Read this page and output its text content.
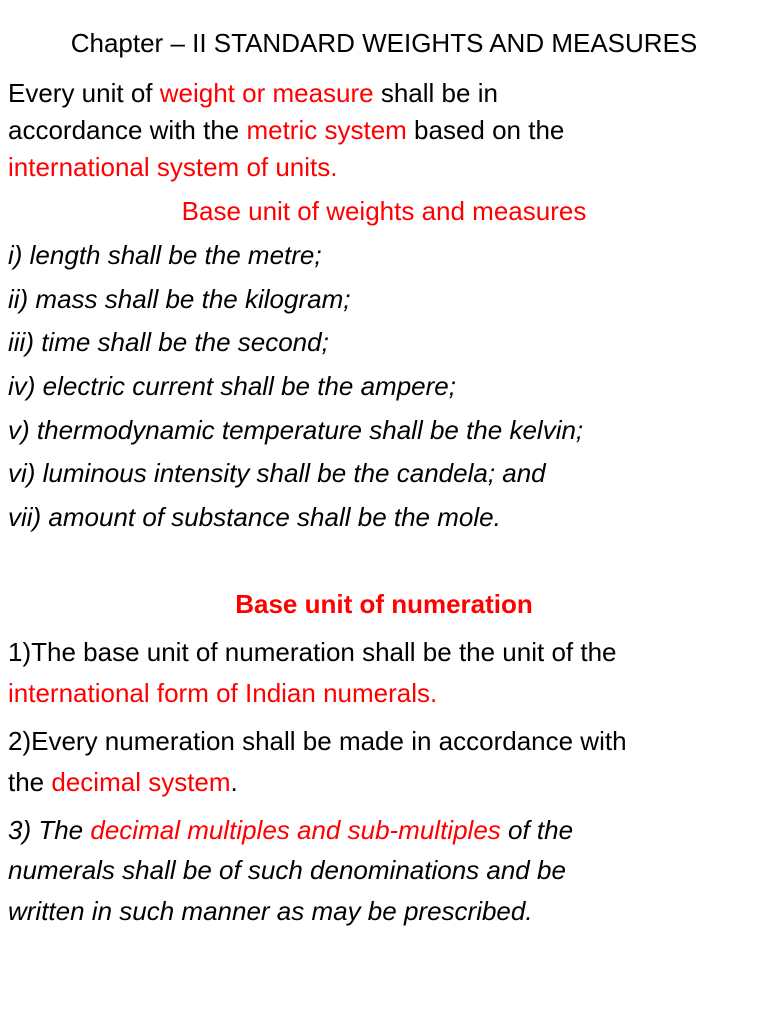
Chapter – II STANDARD WEIGHTS AND MEASURES
Every unit of weight or measure shall be in
accordance with the metric system based on the
international system of units.
Base unit of weights and measures
i) length shall be the metre;
ii) mass shall be the kilogram;
iii) time shall be the second;
iv) electric current shall be the ampere;
v) thermodynamic temperature shall be the kelvin;
vi) luminous intensity shall be the candela; and
vii) amount of substance shall be the mole.
Base unit of numeration
1)The base unit of numeration shall be the unit of the
international form of Indian numerals.
2)Every numeration shall be made in accordance with
the decimal system.
3) The decimal multiples and sub-multiples of the
numerals shall be of such denominations and be
written in such manner as may be prescribed.
